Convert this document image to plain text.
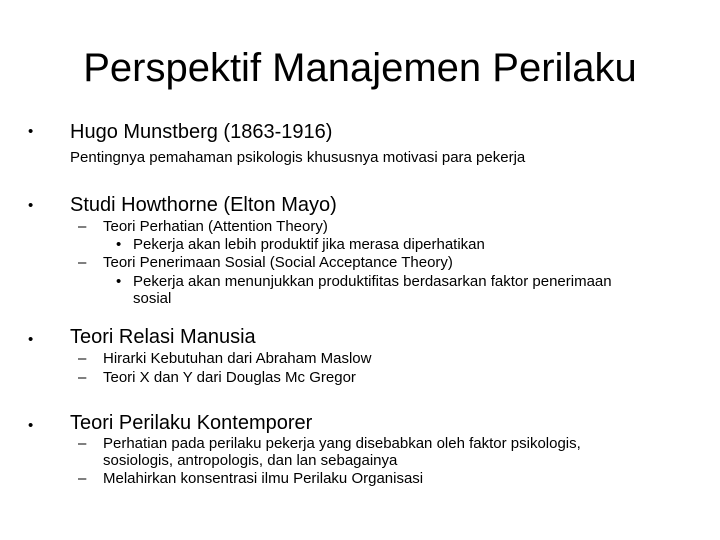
Perspektif Manajemen Perilaku
• Hugo Munstberg (1863-1916)
Pentingnya pemahaman psikologis khususnya motivasi para pekerja
• Studi Howthorne (Elton Mayo)
– Teori Perhatian (Attention Theory)
• Pekerja akan lebih produktif jika merasa diperhatikan
– Teori Penerimaan Sosial (Social Acceptance Theory)
• Pekerja akan menunjukkan produktifitas berdasarkan faktor penerimaan
sosial
• Teori Relasi Manusia
– Hirarki Kebutuhan dari Abraham Maslow
– Teori X dan Y dari Douglas Mc Gregor
• Teori Perilaku Kontemporer
– Perhatian pada perilaku pekerja yang disebabkan oleh faktor psikologis,
sosiologis, antropologis, dan lan sebagainya
– Melahirkan konsentrasi ilmu Perilaku Organisasi
